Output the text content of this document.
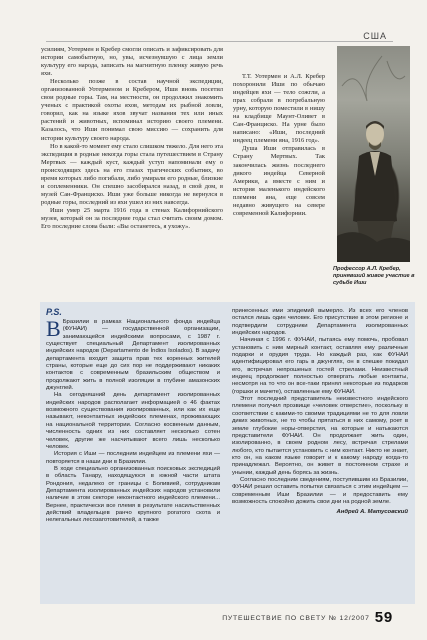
США

усилиям, Уотермен и Кребер смогли описать и зафиксировать для истории самобытную, но, увы, исчезнувшую с лица земли культуру его народа, записать на магнитную пленку живую речь яхи.

Несколько позже в состав научной экспедиции, организованной Уотерменом и Кребером, Иши вновь посетил свои родные горы. Там, на местности, он продолжил знакомить ученых с практикой охоты яхов, методам их рыбной ловли, говорил, как на языке яхов звучат названия тех или иных растений и животных, вспоминал историю своего племени. Казалось, что Иши понимал свою миссию — сохранить для истории культуру своего народа.

Но в какой-то момент ему стало слишком тяжело. Для него эта экспедиция в родные некогда горы стала путешествием в Страну Мертвых — каждый куст, каждый уступ напоминали ему о происходящих здесь на его глазах трагических событиях, во время которых либо погибали, либо умирали его родные, близкие и соплеменники. Он спешно засобирался назад, в свой дом, в музей Сан-Франциско. Иши уже больше никогда не вернулся в родные горы, последний из яхи ушел из них навсегда.

Иши умер 25 марта 1916 года в стенах Калифорнийского музея, который он за последние годы стал считать своим домом. Его последние слова были: «Вы останетесь, я ухожу».

Т.Т. Уотермен и А.Л. Кребер похоронили Иши по обычаю индейцев яхи — тело сожгли, а прах собрали в погребальную урну, которую поместили в нишу на кладбище Маунт-Оливет в Сан-Франциско. На урне было написано: «Иши, последний индеец племени яна, 1916 год».

Душа Иши отправилась в Страну Мертвых. Так закончилась жизнь последнего дикого индейца Северной Америки, а вместе с ним и история маленького индейского племени яна, еще совсем недавно живущего на севере современной Калифорнии.

Профессор А.Л. Кребер, принявший живое участие в судьбе Иши
P.S.

В Бразилии в рамках Национального фонда индейца (ФУНАИ) — государственной организации, занимающейся индейскими вопросами, с 1987 г. существует специальный Департамент изолированных индейских народов (Departamento de Índios Isolados). В задачу департамента входит защита прав тех коренных жителей страны, которые еще до сих пор не поддерживают никаких контактов с современным бразильским обществом и продолжают жить в полной изоляции в глубине амазонских джунглей.

На сегодняшний день департамент изолированных индейских народов располагает информацией о 46 фактах возможного существования изолированных, или как их еще называют, неконтактных индейских племенах, проживающих на национальной территории. Согласно косвенным данным, численность одних из них составляет несколько сотен человек, другие же насчитывают всего лишь несколько человек.

История с Иши — последним индейцем из племени яхи — повторяется в наши дни в Бразилии.

В ходе специально организованных поисковых экспедиций в область Танару, находящуюся в южной части штата Рондония, недалеко от границы с Боливией, сотрудникам Департамента изолированных индейских народов установили наличие в этом секторе неконтактного индейского племени... Вернее, практически все племя в результате насильственных действий владельцев ранчо крупного рогатого скота и нелегальных лесозаготовителей, а также

принесенных ими эпидемий вымерло. Из всех его членов остался лишь один человек. Его присутствие в этом регионе и подтвердили сотрудники Департамента изолированных индейских народов.

Начиная с 1996 г. ФУНАИ, пытаясь ему помочь, пробовал установить с ним мирный контакт, оставляя ему различные подарки и орудия труда. Но каждый раз, как ФУНАИ идентифицировал его гарь в джунглях, он в спешке покидал его, встречая непрошеных гостей стрелами. Неизвестный индеец продолжает полностью отвергать любые контакты, несмотря на то что он все-таки принял некоторые из подарков (горшки и мачете), оставленные ему ФУНАИ.

Этот последний представитель неизвестного индейского племени получил прозвище «человек отверстие», поскольку в соответствии с какими-то своими традициями не то для ловли диких животных, не то чтобы прятаться в них самому, роет в земле глубокие норы-отверстия, на которые и натыкаются представители ФУНАИ. Он продолжает жить один, изолированно, в своем родном лесу, встречая стрелами любого, кто пытается установить с ним контакт. Никто не знает, кто он, на каком языке говорит и к какому народу когда-то принадлежал. Вероятно, он живет в постоянном страхе и унынии, каждый день борясь за жизнь.

Согласно последним сведениям, поступившим из Бразилии, ФУНАИ решил оставить попытки связаться с этим индейцем — современным Иши Бразилии — и предоставить ему возможность спокойно дожить свои дни на родной земле.

Андрей А. Матусовский
ПУТЕШЕСТВИЕ ПО СВЕТУ № 12/2007 59
